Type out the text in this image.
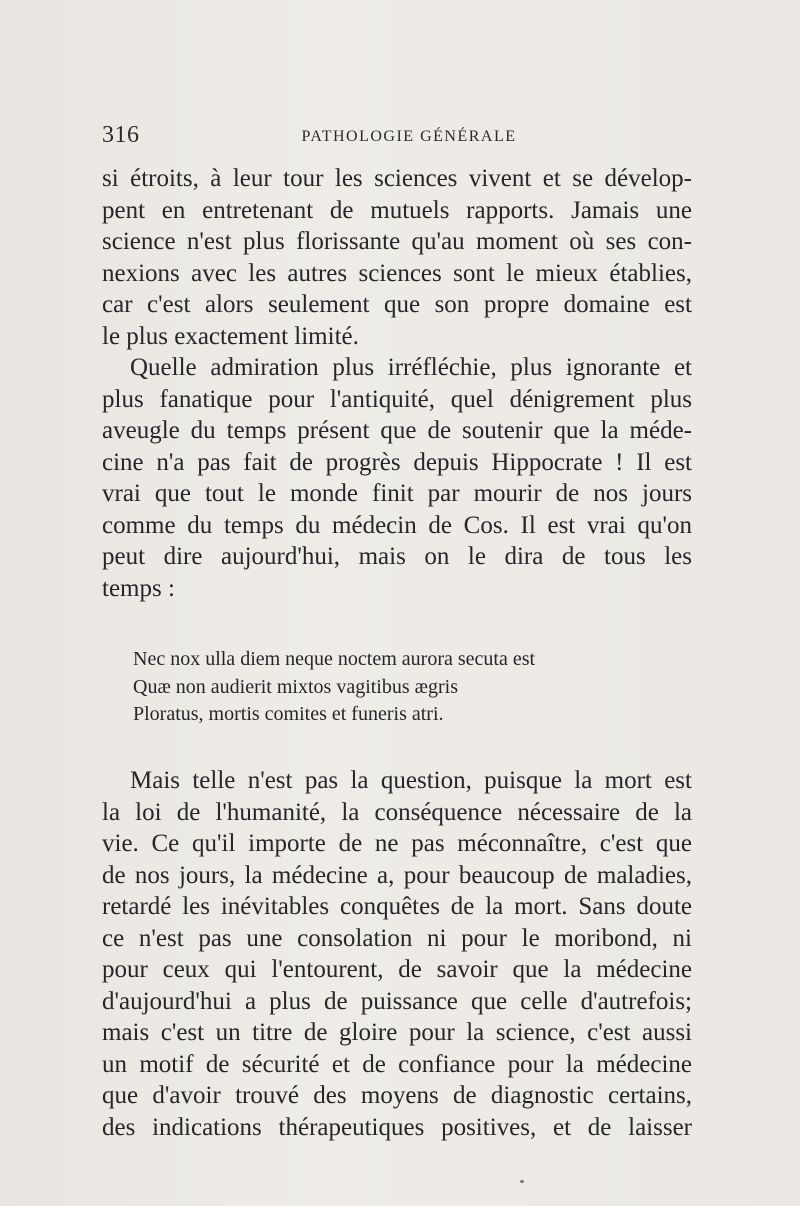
316	PATHOLOGIE GÉNÉRALE
si étroits, à leur tour les sciences vivent et se dévelop-
pent en entretenant de mutuels rapports. Jamais une
science n'est plus florissante qu'au moment où ses con-
nexions avec les autres sciences sont le mieux établies,
car c'est alors seulement que son propre domaine est
le plus exactement limité.
Quelle admiration plus irréfléchie, plus ignorante et
plus fanatique pour l'antiquité, quel dénigrement plus
aveugle du temps présent que de soutenir que la méde-
cine n'a pas fait de progrès depuis Hippocrate ! Il est
vrai que tout le monde finit par mourir de nos jours
comme du temps du médecin de Cos. Il est vrai qu'on
peut dire aujourd'hui, mais on le dira de tous les
temps :
Nec nox ulla diem neque noctem aurora secuta est
Quæ non audierit mixtos vagitibus ægris
Ploratus, mortis comites et funeris atri.
Mais telle n'est pas la question, puisque la mort est
la loi de l'humanité, la conséquence nécessaire de la
vie. Ce qu'il importe de ne pas méconnaître, c'est que
de nos jours, la médecine a, pour beaucoup de maladies,
retardé les inévitables conquêtes de la mort. Sans doute
ce n'est pas une consolation ni pour le moribond, ni
pour ceux qui l'entourent, de savoir que la médecine
d'aujourd'hui a plus de puissance que celle d'autrefois;
mais c'est un titre de gloire pour la science, c'est aussi
un motif de sécurité et de confiance pour la médecine
que d'avoir trouvé des moyens de diagnostic certains,
des indications thérapeutiques positives, et de laisser
